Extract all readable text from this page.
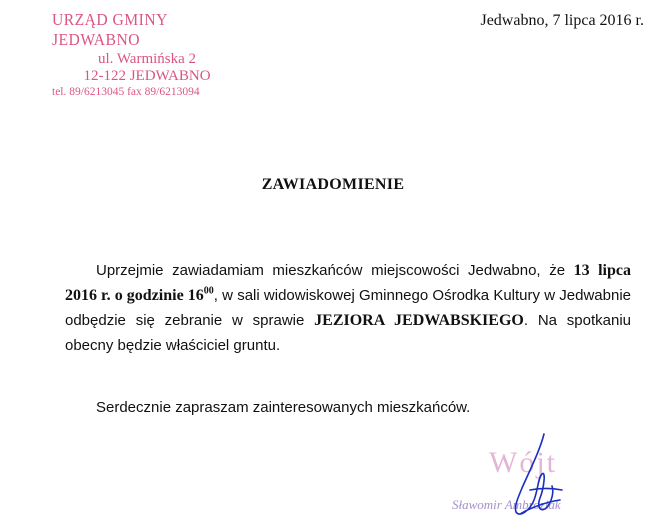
URZĄD GMINY JEDWABNO
ul. Warmińska 2
12-122 JEDWABNO
tel. 89/6213045 fax 89/6213094
Jedwabno, 7 lipca 2016 r.
ZAWIADOMIENIE
Uprzejmie zawiadamiam mieszkańców miejscowości Jedwabno, że 13 lipca 2016 r. o godzinie $16^{00}$, w sali widowiskowej Gminnego Ośrodka Kultury w Jedwabnie odbędzie się zebranie w sprawie JEZIORA JEDWABSKIEGO. Na spotkaniu obecny będzie właściciel gruntu.
Serdecznie zapraszam zainteresowanych mieszkańców.
Wójt
Sławomir Ambroziak
